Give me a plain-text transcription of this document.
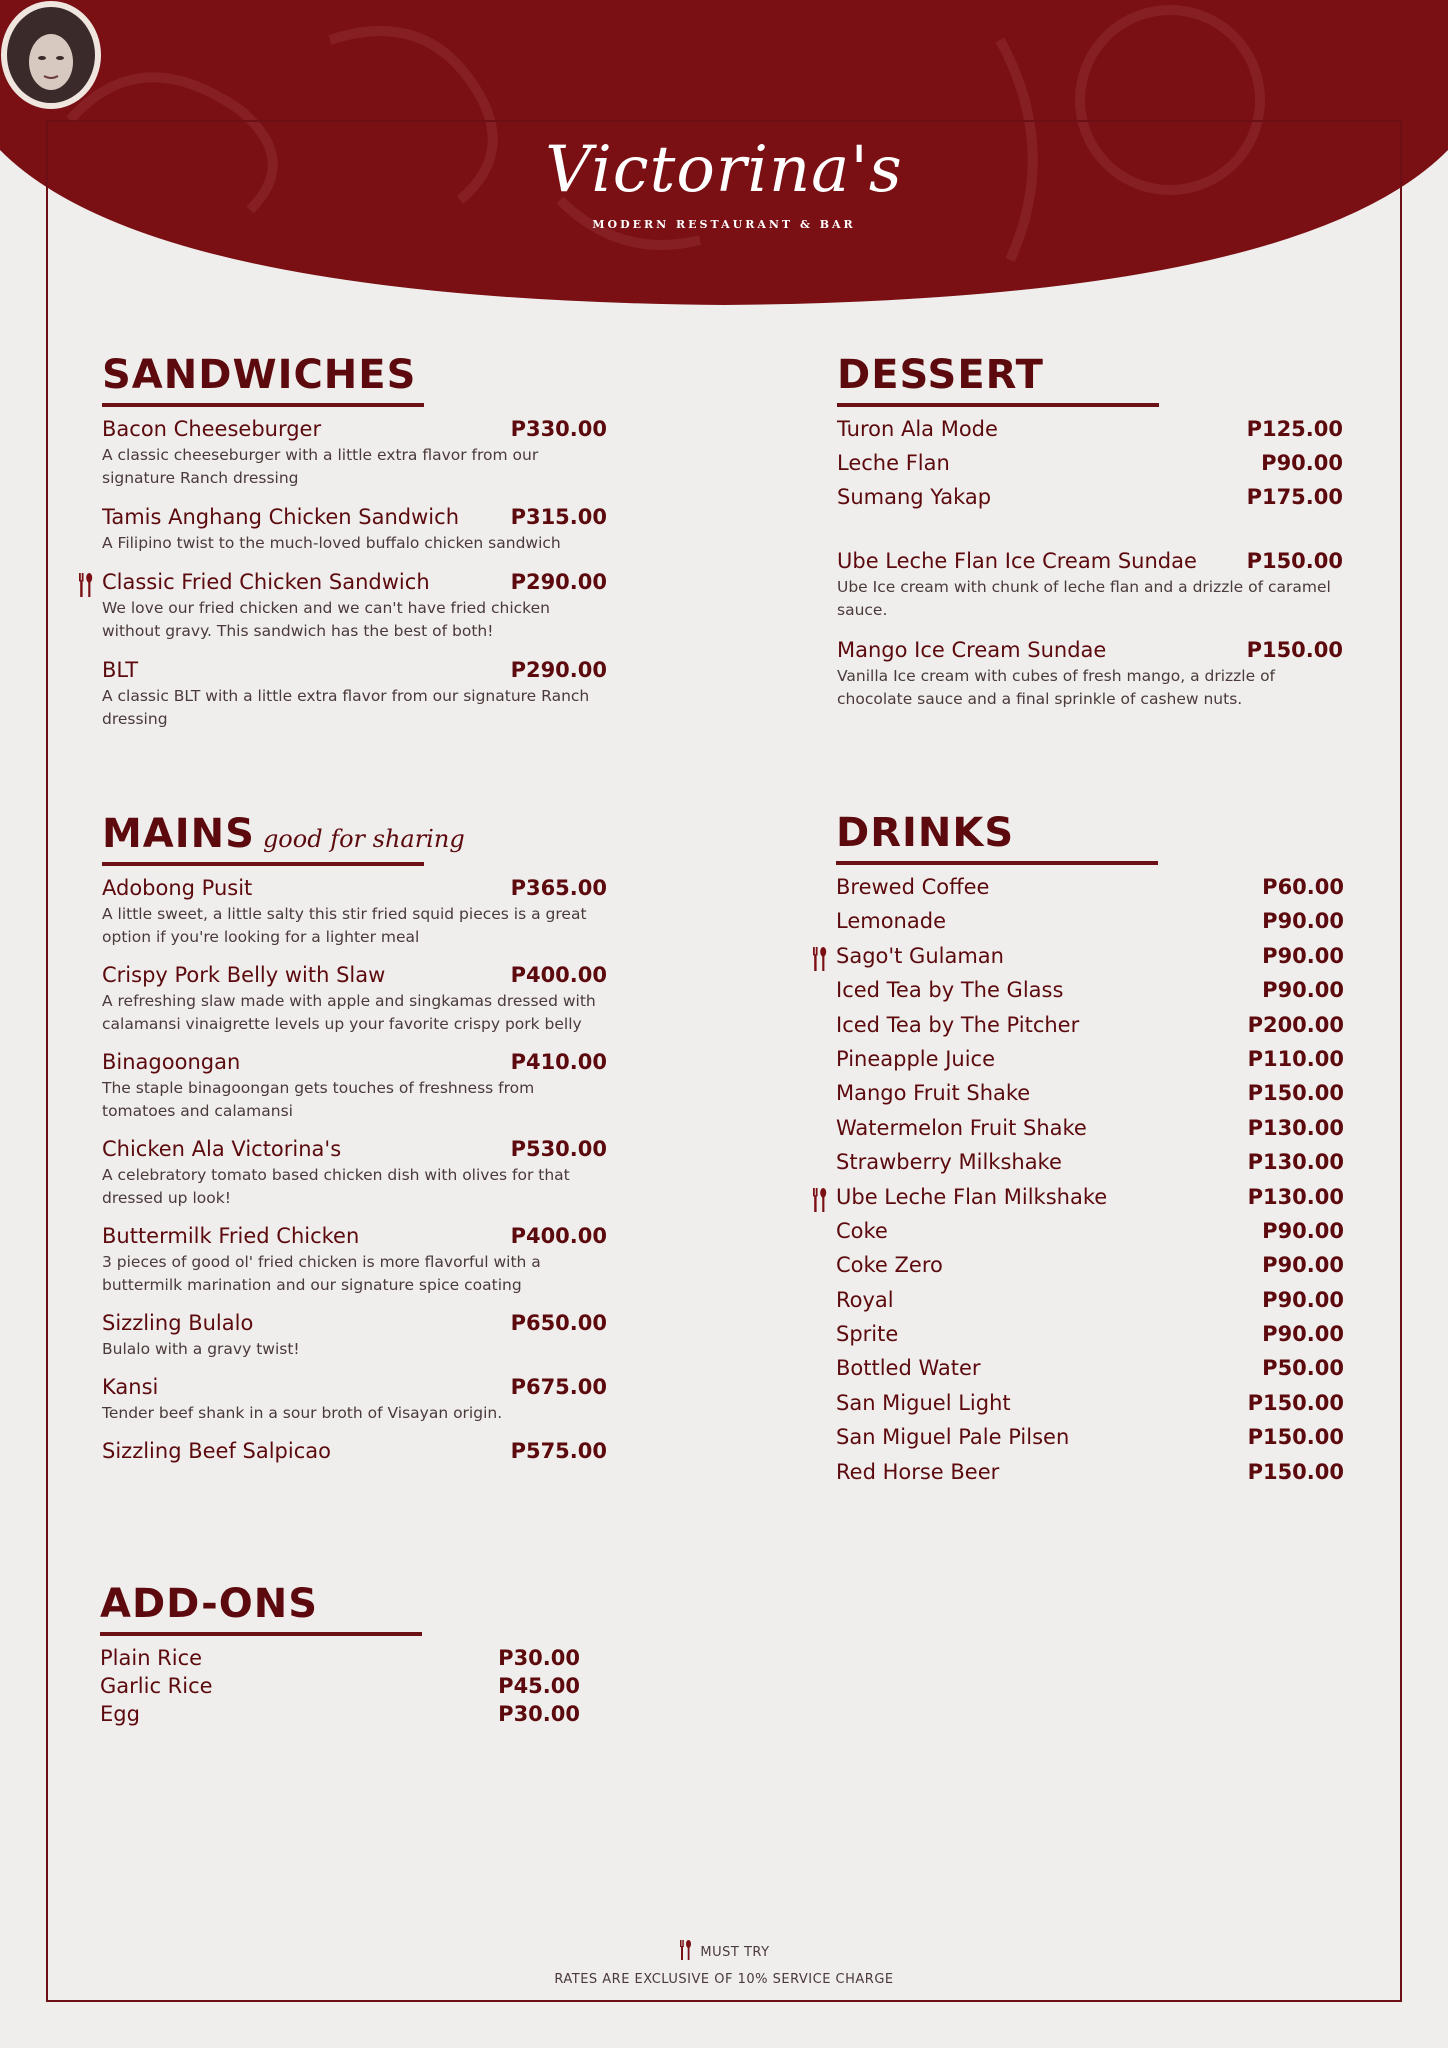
Victorina's
MODERN RESTAURANT & BAR
SANDWICHES
Bacon Cheeseburger	P330.00
A classic cheeseburger with a little extra flavor from our signature Ranch dressing
Tamis Anghang Chicken Sandwich P315.00
A Filipino twist to the much-loved buffalo chicken sandwich
Classic Fried Chicken Sandwich	P290.00
We love our fried chicken and we can't have fried chicken without gravy. This sandwich has the best of both!
BLT	P290.00
A classic BLT with a little extra flavor from our signature Ranch dressing
MAINS good for sharing
Adobong Pusit	P365.00
A little sweet, a little salty this stir fried squid pieces is a great option if you're looking for a lighter meal
Crispy Pork Belly with Slaw	P400.00
A refreshing slaw made with apple and singkamas dressed with calamansi vinaigrette levels up your favorite crispy pork belly
Binagoongan	P410.00
The staple binagoongan gets touches of freshness from tomatoes and calamansi
Chicken Ala Victorina's	P530.00
A celebratory tomato based chicken dish with olives for that dressed up look!
Buttermilk Fried Chicken	P400.00
3 pieces of good ol' fried chicken is more flavorful with a buttermilk marination and our signature spice coating
Sizzling Bulalo	P650.00
Bulalo with a gravy twist!
Kansi	P675.00
Tender beef shank in a sour broth of Visayan origin.
Sizzling Beef Salpicao	P575.00
ADD-ONS
Plain Rice	P30.00
Garlic Rice	P45.00
Egg	P30.00
DESSERT
Turon Ala Mode	P125.00
Leche Flan	P90.00
Sumang Yakap	P175.00
Ube Leche Flan Ice Cream Sundae P150.00
Ube Ice cream with chunk of leche flan and a drizzle of caramel sauce.
Mango Ice Cream Sundae	P150.00
Vanilla Ice cream with cubes of fresh mango, a drizzle of chocolate sauce and a final sprinkle of cashew nuts.
DRINKS
Brewed Coffee	P60.00
Lemonade	P90.00
Sago't Gulaman	P90.00
Iced Tea by The Glass	P90.00
Iced Tea by The Pitcher	P200.00
Pineapple Juice	P110.00
Mango Fruit Shake	P150.00
Watermelon Fruit Shake	P130.00
Strawberry Milkshake	P130.00
Ube Leche Flan Milkshake	P130.00
Coke	P90.00
Coke Zero	P90.00
Royal	P90.00
Sprite	P90.00
Bottled Water	P50.00
San Miguel Light	P150.00
San Miguel Pale Pilsen	P150.00
Red Horse Beer	P150.00
MUST TRY
RATES ARE EXCLUSIVE OF 10% SERVICE CHARGE
